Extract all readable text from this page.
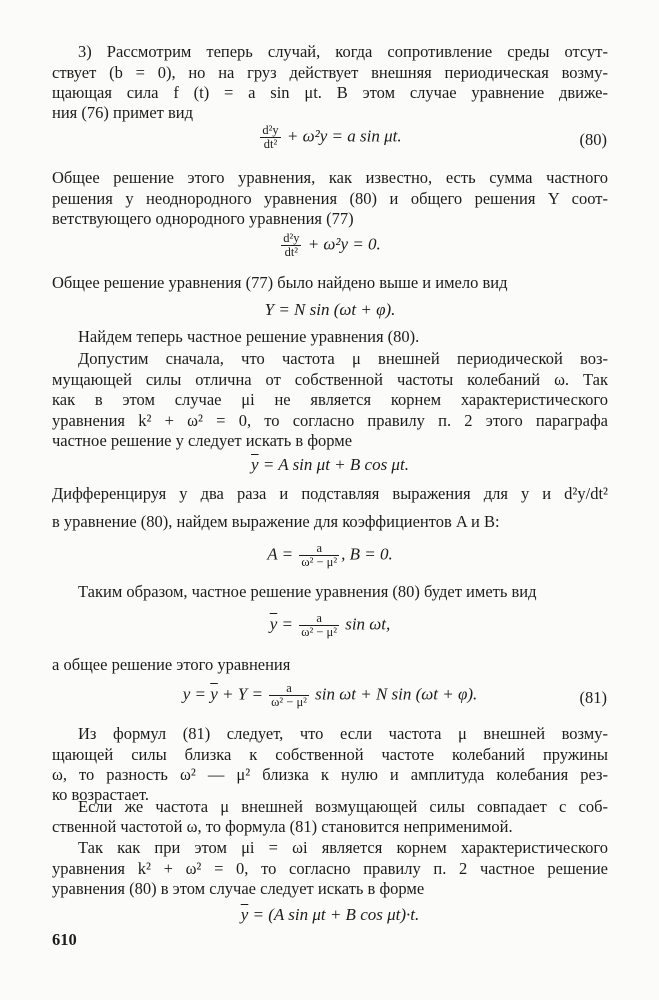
3) Рассмотрим теперь случай, когда сопротивление среды отсут-
ствует (b = 0), но на груз действует внешняя периодическая возму-
щающая сила f (t) = a sin μt. В этом случае уравнение движе-

ния (76) примет вид

$\frac{\text{d²y}}{\text{dt²}} + \omega^2y = a$ sin μt.	(80)

Общее решение этого уравнения, как известно, есть сумма частного
решения y неоднородного уравнения (80) и общего решения Y соот-

ветствующего однородного уравнения (77)

$\frac{\text{d²y}}{\text{dt²}} + \omega^2y = 0$.

Общее решение уравнения (77) было найдено выше и имело вид

Y = N sin (ωt + φ).

Найдем теперь частное решение уравнения (80).

Допустим сначала, что частота μ внешней периодической воз-
мущающей силы отлична от собственной частоты колебаний ω. Так
как в этом случае μi не является корнем характеристического
уравнения k² + ω² = 0, то согласно правилу п. 2 этого параграфа

частное решение y следует искать в форме

$\overline{y} = A$ sin μt + B cos μt.

Дифференцируя y два раза и подставляя выражения для y и d²y/dt²

в уравнение (80), найдем выражение для коэффициентов A и B:

$A = \frac{a}{\text{ω² − μ²}}$ , B = 0.

Таким образом, частное решение уравнения (80) будет иметь вид

$\overline{y} = \frac{a}{\text{ω² − μ²}}$ sin ωt,

а общее решение этого уравнения

$y = \overline{y} + Y = \frac{a}{\text{ω² − μ²}}$ sin ωt + N sin (ωt + φ).	(81)

Из формул (81) следует, что если частота μ внешней возму-
щающей силы близка к собственной частоте колебаний пружины
ω, то разность ω² — μ² близка к нулю и амплитуда колебания рез-

ко возрастает.

Если же частота μ внешней возмущающей силы совпадает с соб-

ственной частотой ω, то формула (81) становится неприменимой.

Так как при этом μi = ωi является корнем характеристического
уравнения k² + ω² = 0, то согласно правилу п. 2 частное решение

уравнения (80) в этом случае следует искать в форме

$\overline{y} = (A$ sin μt + B cos μt)·t.
610
